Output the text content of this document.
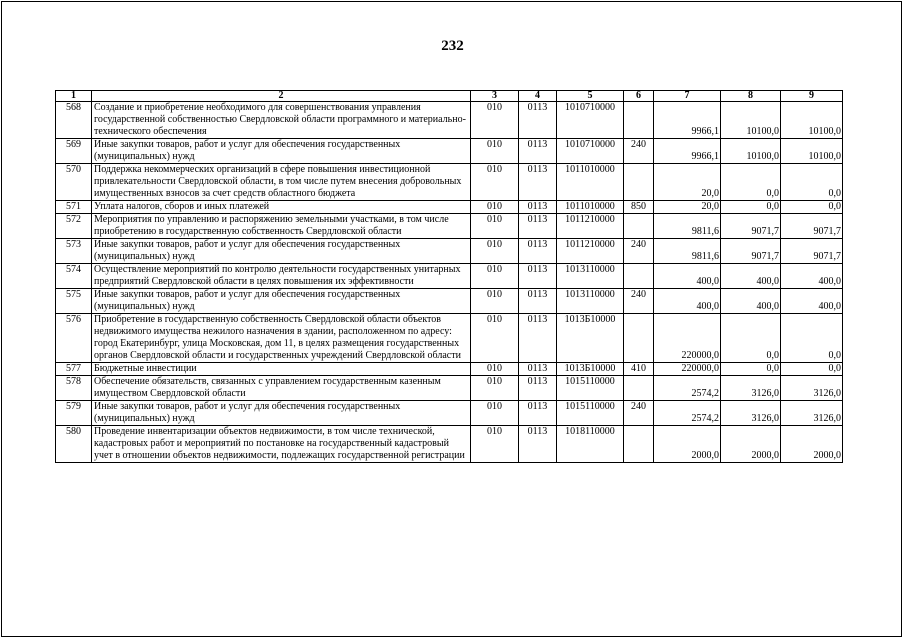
232
1	2	3	4	5	6	7	8	9
568	Создание и приобретение необходимого для совершенствования управления государственной собственностью Свердловской области программного и материально-технического обеспечения	010	0113	1010710000		9966,1	10100,0	10100,0
569	Иные закупки товаров, работ и услуг для обеспечения государственных (муниципальных) нужд	010	0113	1010710000	240	9966,1	10100,0	10100,0
570	Поддержка некоммерческих организаций в сфере повышения инвестиционной привлекательности Свердловской области, в том числе путем внесения добровольных имущественных взносов за счет средств областного бюджета	010	0113	1011010000		20,0	0,0	0,0
571	Уплата налогов, сборов и иных платежей	010	0113	1011010000	850	20,0	0,0	0,0
572	Мероприятия по управлению и распоряжению земельными участками, в том числе приобретению в государственную собственность Свердловской области	010	0113	1011210000		9811,6	9071,7	9071,7
573	Иные закупки товаров, работ и услуг для обеспечения государственных (муниципальных) нужд	010	0113	1011210000	240	9811,6	9071,7	9071,7
574	Осуществление мероприятий по контролю деятельности государственных унитарных предприятий Свердловской области в целях повышения их эффективности	010	0113	1013110000		400,0	400,0	400,0
575	Иные закупки товаров, работ и услуг для обеспечения государственных (муниципальных) нужд	010	0113	1013110000	240	400,0	400,0	400,0
576	Приобретение в государственную собственность Свердловской области объектов недвижимого имущества нежилого назначения в здании, расположенном по адресу: город Екатеринбург, улица Московская, дом 11, в целях размещения государственных органов Свердловской области и государственных учреждений Свердловской области	010	0113	1013Б10000		220000,0	0,0	0,0
577	Бюджетные инвестиции	010	0113	1013Б10000	410	220000,0	0,0	0,0
578	Обеспечение обязательств, связанных с управлением государственным казенным имуществом Свердловской области	010	0113	1015110000		2574,2	3126,0	3126,0
579	Иные закупки товаров, работ и услуг для обеспечения государственных (муниципальных) нужд	010	0113	1015110000	240	2574,2	3126,0	3126,0
580	Проведение инвентаризации объектов недвижимости, в том числе технической, кадастровых работ и мероприятий по постановке на государственный кадастровый учет в отношении объектов недвижимости, подлежащих государственной регистрации	010	0113	1018110000		2000,0	2000,0	2000,0
